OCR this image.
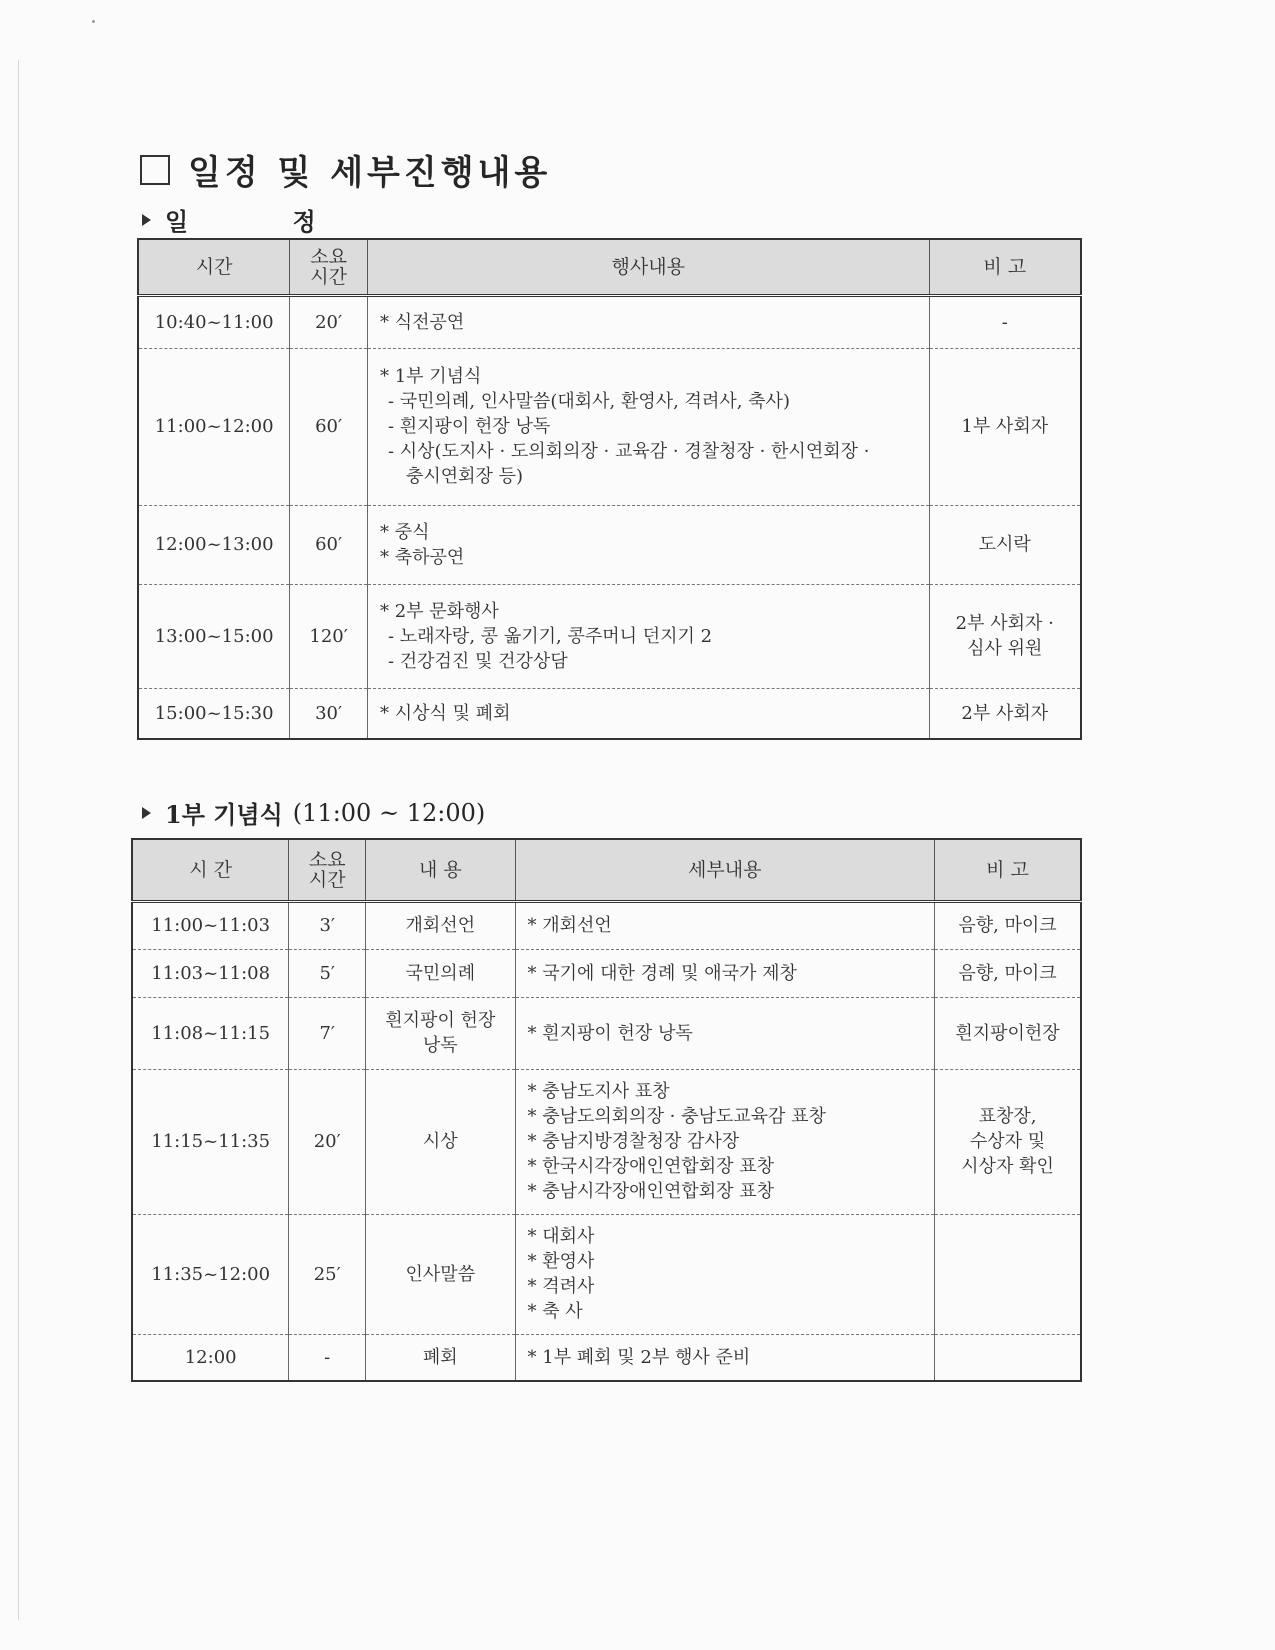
일정 및 세부진행내용
일 정
시간	소요
시간	행사내용	비 고
10:40~11:00	20′	* 식전공연	-
11:00~12:00	60′	* 1부 기념식
- 국민의례, 인사말씀(대회사, 환영사, 격려사, 축사)
- 흰지팡이 헌장 낭독
- 시상(도지사 · 도의회의장 · 교육감 · 경찰청장 · 한시연회장 ·
충시연회장 등)	1부 사회자
12:00~13:00	60′	* 중식
* 축하공연	도시락
13:00~15:00	120′	* 2부 문화행사
- 노래자랑, 콩 옮기기, 콩주머니 던지기 2
- 건강검진 및 건강상담	2부 사회자 ·
심사 위원
15:00~15:30	30′	* 시상식 및 폐회	2부 사회자
1부 기념식 (11:00 ~ 12:00)
시 간	소요
시간	내 용	세부내용	비 고
11:00~11:03	3′	개회선언	* 개회선언	음향, 마이크
11:03~11:08	5′	국민의례	* 국기에 대한 경례 및 애국가 제창	음향, 마이크
11:08~11:15	7′	흰지팡이 헌장
낭독	* 흰지팡이 헌장 낭독	흰지팡이헌장
11:15~11:35	20′	시상	* 충남도지사 표창
* 충남도의회의장 · 충남도교육감 표창
* 충남지방경찰청장 감사장
* 한국시각장애인연합회장 표창
* 충남시각장애인연합회장 표창	표창장,
수상자 및
시상자 확인
11:35~12:00	25′	인사말씀	* 대회사
* 환영사
* 격려사
* 축 사	

12:00	-	폐회	* 1부 폐회 및 2부 행사 준비	
